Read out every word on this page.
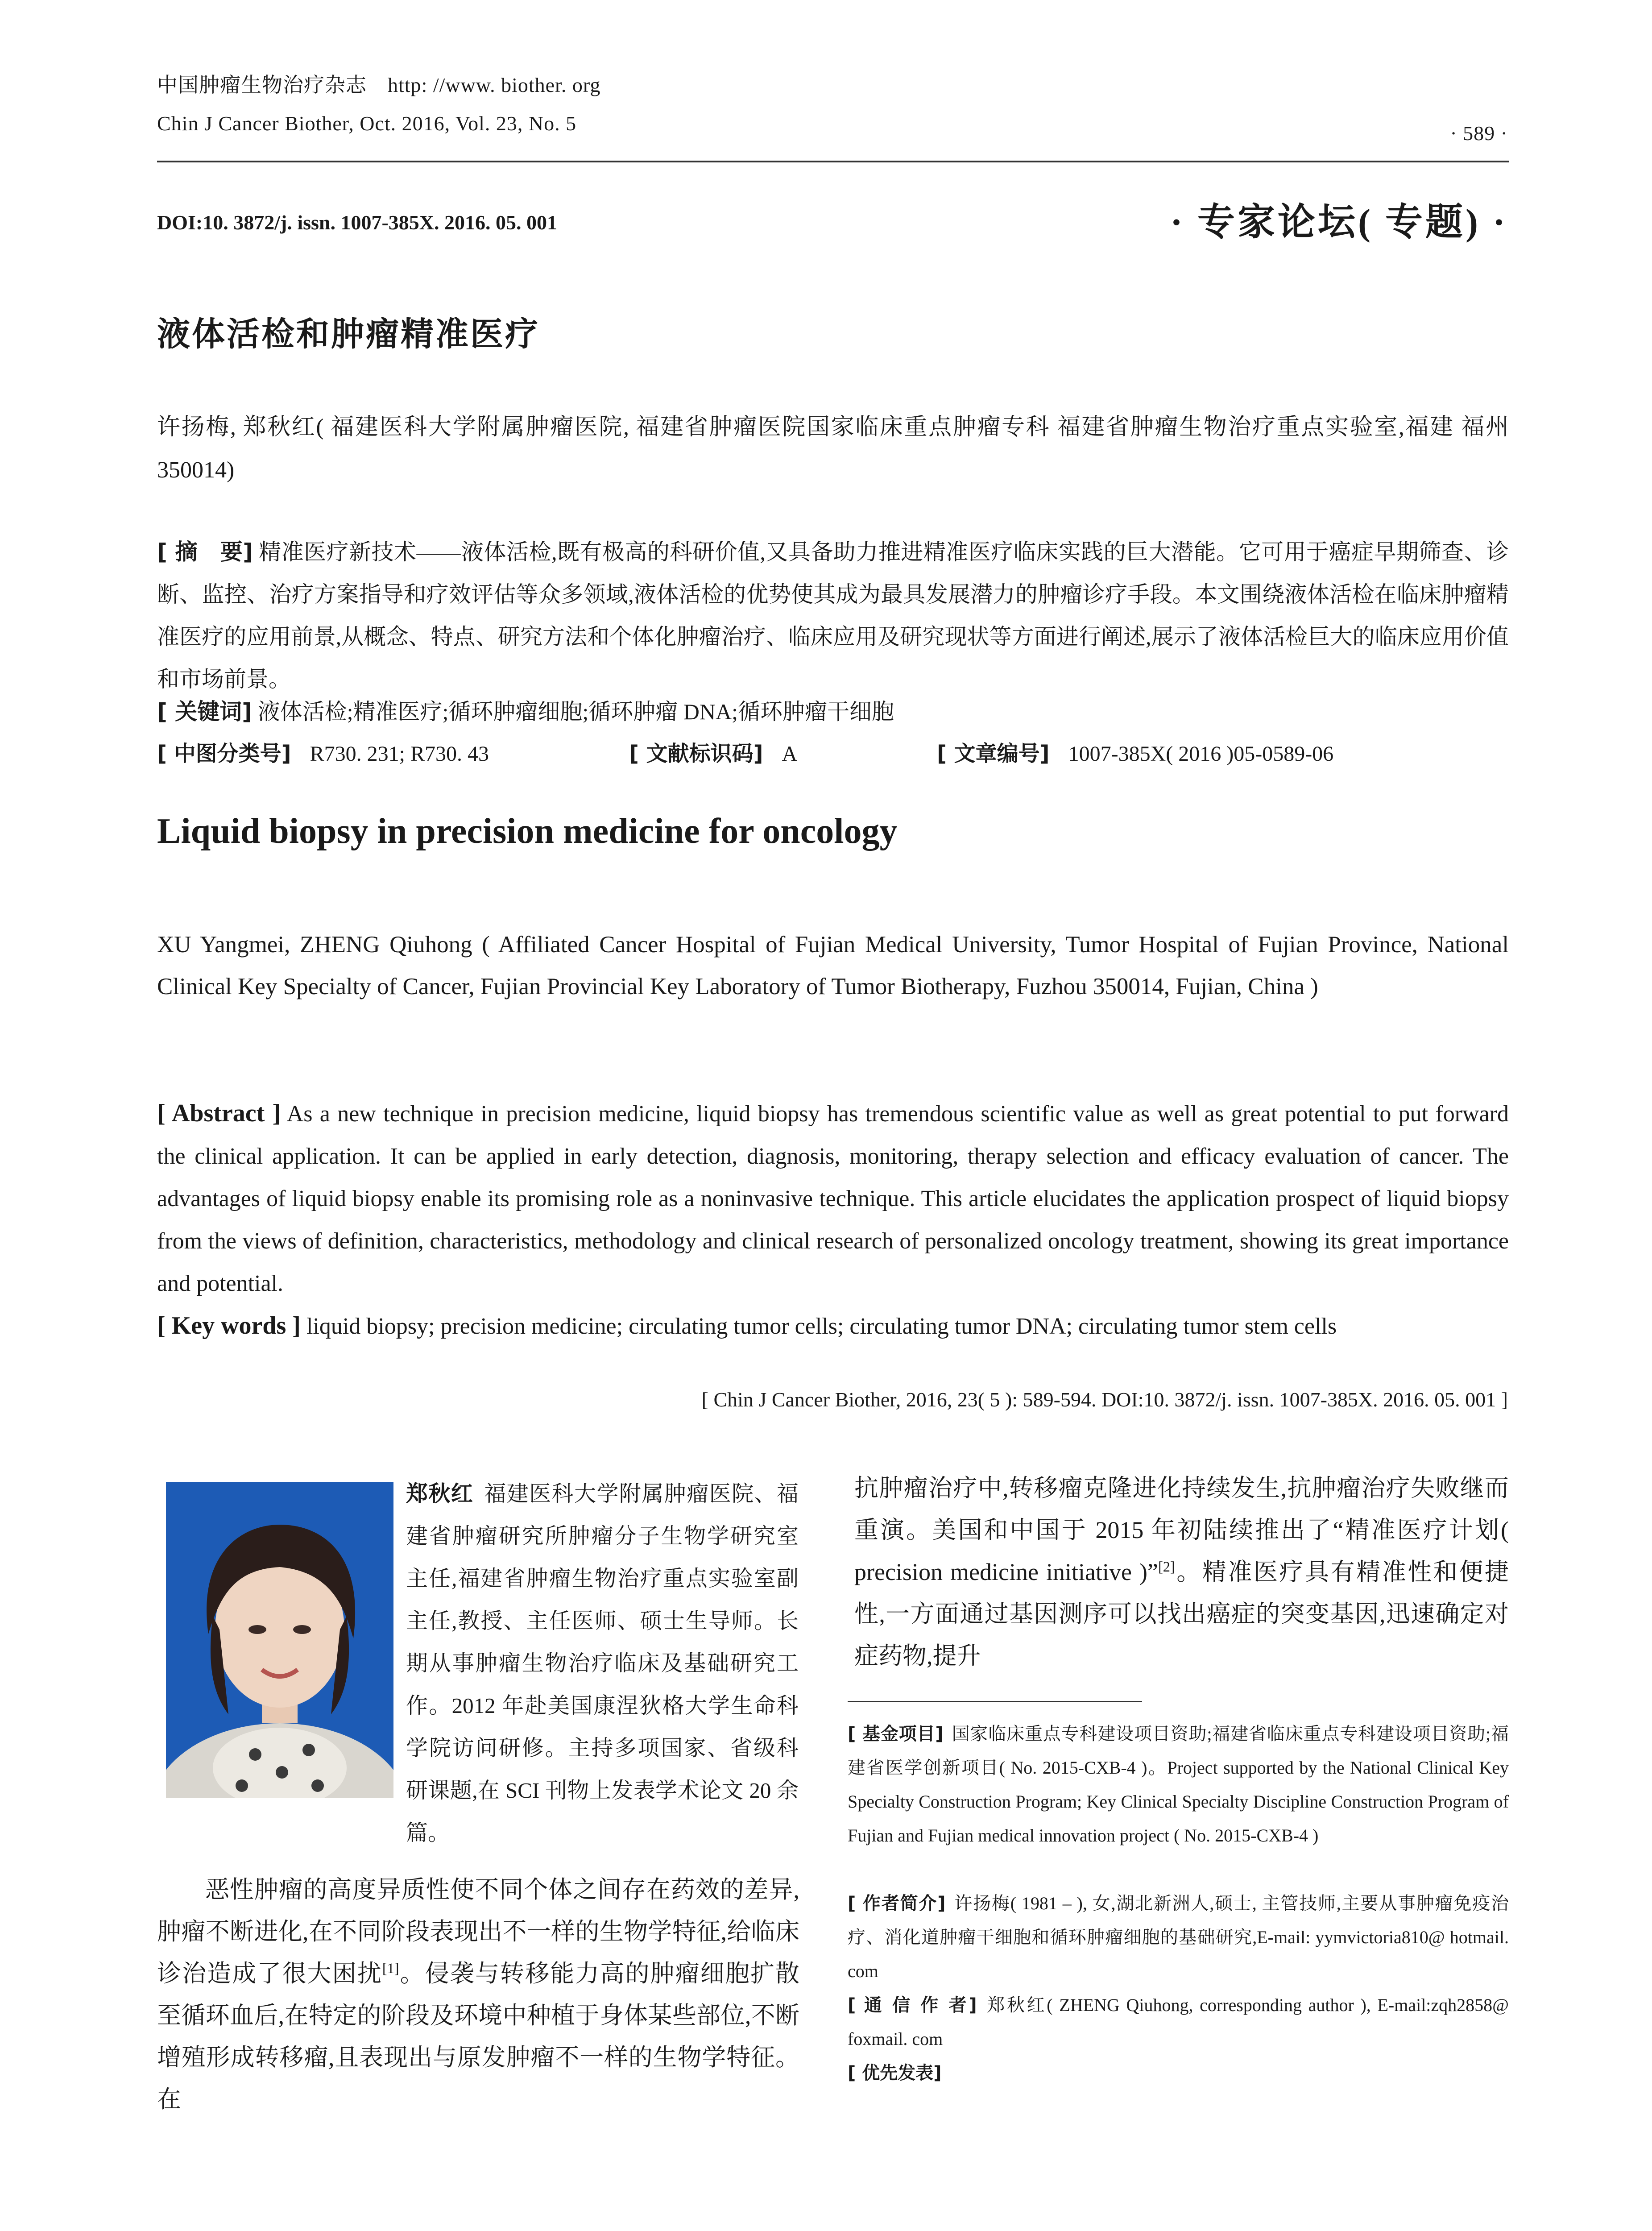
中国肿瘤生物治疗杂志　http: //www. biother. org
Chin J Cancer Biother, Oct. 2016, Vol. 23, No. 5	· 589 ·
DOI:10. 3872/j. issn. 1007-385X. 2016. 05. 001	· 专家论坛( 专题) ·
液体活检和肿瘤精准医疗
许扬梅, 郑秋红( 福建医科大学附属肿瘤医院, 福建省肿瘤医院国家临床重点肿瘤专科 福建省肿瘤生物治疗重点实验室,福建 福州 350014)
[ 摘　要] 精准医疗新技术——液体活检,既有极高的科研价值,又具备助力推进精准医疗临床实践的巨大潜能。它可用于癌症早期筛查、诊断、监控、治疗方案指导和疗效评估等众多领域,液体活检的优势使其成为最具发展潜力的肿瘤诊疗手段。本文围绕液体活检在临床肿瘤精准医疗的应用前景,从概念、特点、研究方法和个体化肿瘤治疗、临床应用及研究现状等方面进行阐述,展示了液体活检巨大的临床应用价值和市场前景。
[ 关键词] 液体活检;精准医疗;循环肿瘤细胞;循环肿瘤 DNA;循环肿瘤干细胞
[ 中图分类号] R730. 231; R730. 43	[ 文献标识码] A	[ 文章编号] 1007-385X( 2016 )05-0589-06
Liquid biopsy in precision medicine for oncology
XU Yangmei, ZHENG Qiuhong ( Affiliated Cancer Hospital of Fujian Medical University, Tumor Hospital of Fujian Province, National Clinical Key Specialty of Cancer, Fujian Provincial Key Laboratory of Tumor Biotherapy, Fuzhou 350014, Fujian, China )
[ Abstract ] As a new technique in precision medicine, liquid biopsy has tremendous scientific value as well as great potential to put forward the clinical application. It can be applied in early detection, diagnosis, monitoring, therapy selection and efficacy evaluation of cancer. The advantages of liquid biopsy enable its promising role as a noninvasive technique. This article elucidates the application prospect of liquid biopsy from the views of definition, characteristics, methodology and clinical research of personalized oncology treatment, showing its great importance and potential.
[ Key words ] liquid biopsy; precision medicine; circulating tumor cells; circulating tumor DNA; circulating tumor stem cells
[ Chin J Cancer Biother, 2016, 23( 5 ): 589-594. DOI:10. 3872/j. issn. 1007-385X. 2016. 05. 001 ]
郑秋红 福建医科大学附属肿瘤医院、福建省肿瘤研究所肿瘤分子生物学研究室主任,福建省肿瘤生物治疗重点实验室副主任,教授、主任医师、硕士生导师。长期从事肿瘤生物治疗临床及基础研究工作。2012 年赴美国康涅狄格大学生命科学院访问研修。主持多项国家、省级科研课题,在 SCI 刊物上发表学术论文 20 余篇。
恶性肿瘤的高度异质性使不同个体之间存在药效的差异,肿瘤不断进化,在不同阶段表现出不一样的生物学特征,给临床诊治造成了很大困扰[1]。侵袭与转移能力高的肿瘤细胞扩散至循环血后,在特定的阶段及环境中种植于身体某些部位,不断增殖形成转移瘤,且表现出与原发肿瘤不一样的生物学特征。在
抗肿瘤治疗中,转移瘤克隆进化持续发生,抗肿瘤治疗失败继而重演。美国和中国于 2015 年初陆续推出了“精准医疗计划( precision medicine initiative )”[2]。精准医疗具有精准性和便捷性,一方面通过基因测序可以找出癌症的突变基因,迅速确定对症药物,提升
[ 基金项目] 国家临床重点专科建设项目资助;福建省临床重点专科建设项目资助;福建省医学创新项目( No. 2015-CXB-4 )。Project supported by the National Clinical Key Specialty Construction Program; Key Clinical Specialty Discipline Construction Program of Fujian and Fujian medical innovation project ( No. 2015-CXB-4 )
[ 作者简介] 许扬梅( 1981 – ), 女,湖北新洲人,硕士, 主管技师,主要从事肿瘤免疫治疗、消化道肿瘤干细胞和循环肿瘤细胞的基础研究,E-mail: yymvictoria810@ hotmail. com
[ 通 信 作 者] 郑秋红( ZHENG Qiuhong, corresponding author ), E-mail:zqh2858@ foxmail. com
[ 优先发表]
